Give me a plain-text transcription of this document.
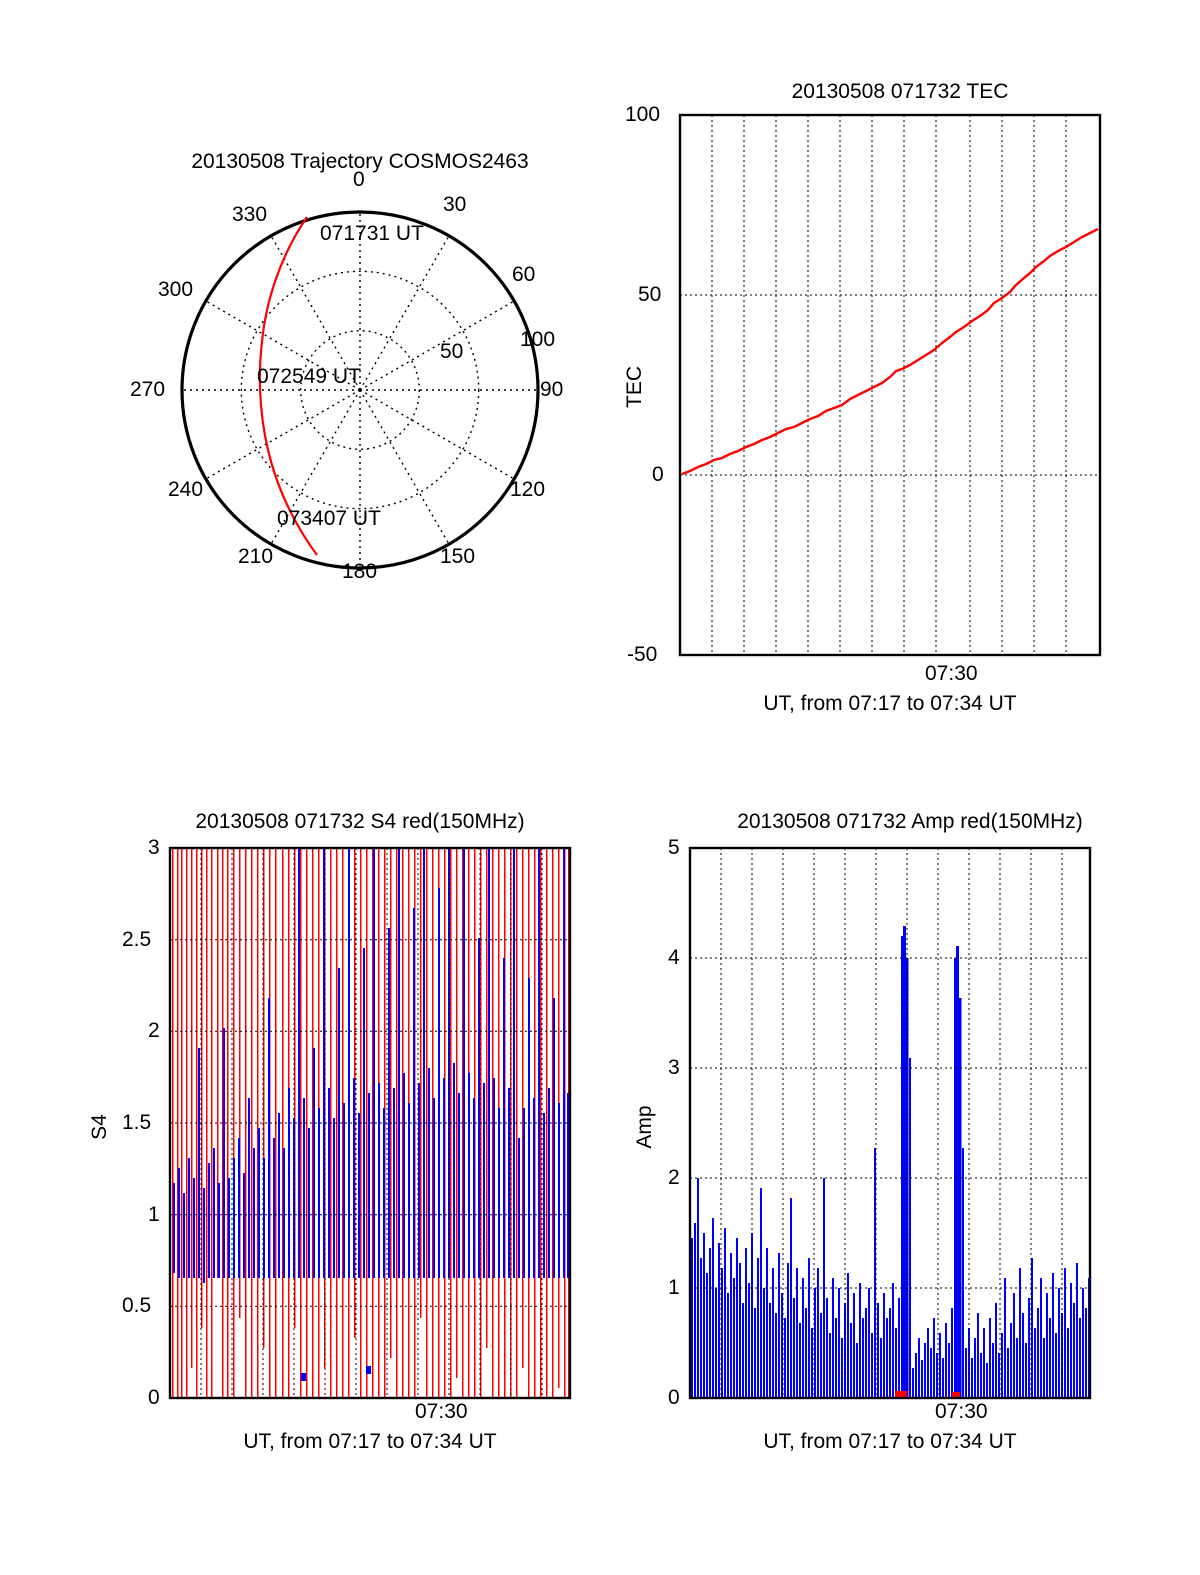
20130508 Trajectory COSMOS2463
0
30
60
90
120
150
180
210
240
270
300
330
50
100
071731 UT
072549 UT
073407 UT
20130508 071732 TEC
100
50
0
-50
07:30
TEC
UT, from 07:17 to 07:34 UT
20130508 071732 S4 red(150MHz)
3
2.5
2
1.5
1
0.5
0
07:30
S4
UT, from 07:17 to 07:34 UT
20130508 071732 Amp red(150MHz)
5
4
3
2
1
0
07:30
Amp
UT, from 07:17 to 07:34 UT
